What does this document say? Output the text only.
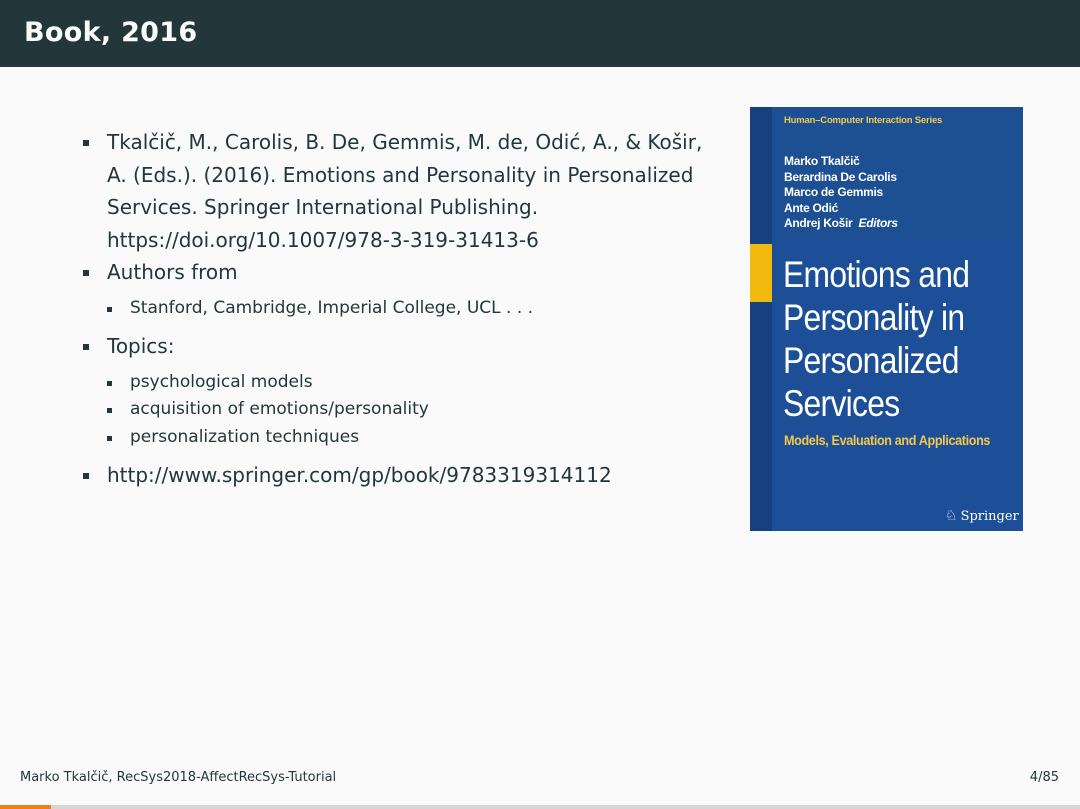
Book, 2016
Tkalčič, M., Carolis, B. De, Gemmis, M. de, Odić, A., & Košir, A. (Eds.). (2016). Emotions and Personality in Personalized Services. Springer International Publishing. https://doi.org/10.1007/978-3-319-31413-6
Authors from
Stanford, Cambridge, Imperial College, UCL . . .
Topics:
psychological models
acquisition of emotions/personality
personalization techniques
http://www.springer.com/gp/book/9783319314112
Human–Computer Interaction Series
Marko Tkalčič
Berardina De Carolis
Marco de Gemmis
Ante Odić
Andrej Košir Editors
Emotions and
Personality in
Personalized
Services
Models, Evaluation and Applications
♘ Springer
Marko Tkalčič, RecSys2018-AffectRecSys-Tutorial	4/85
